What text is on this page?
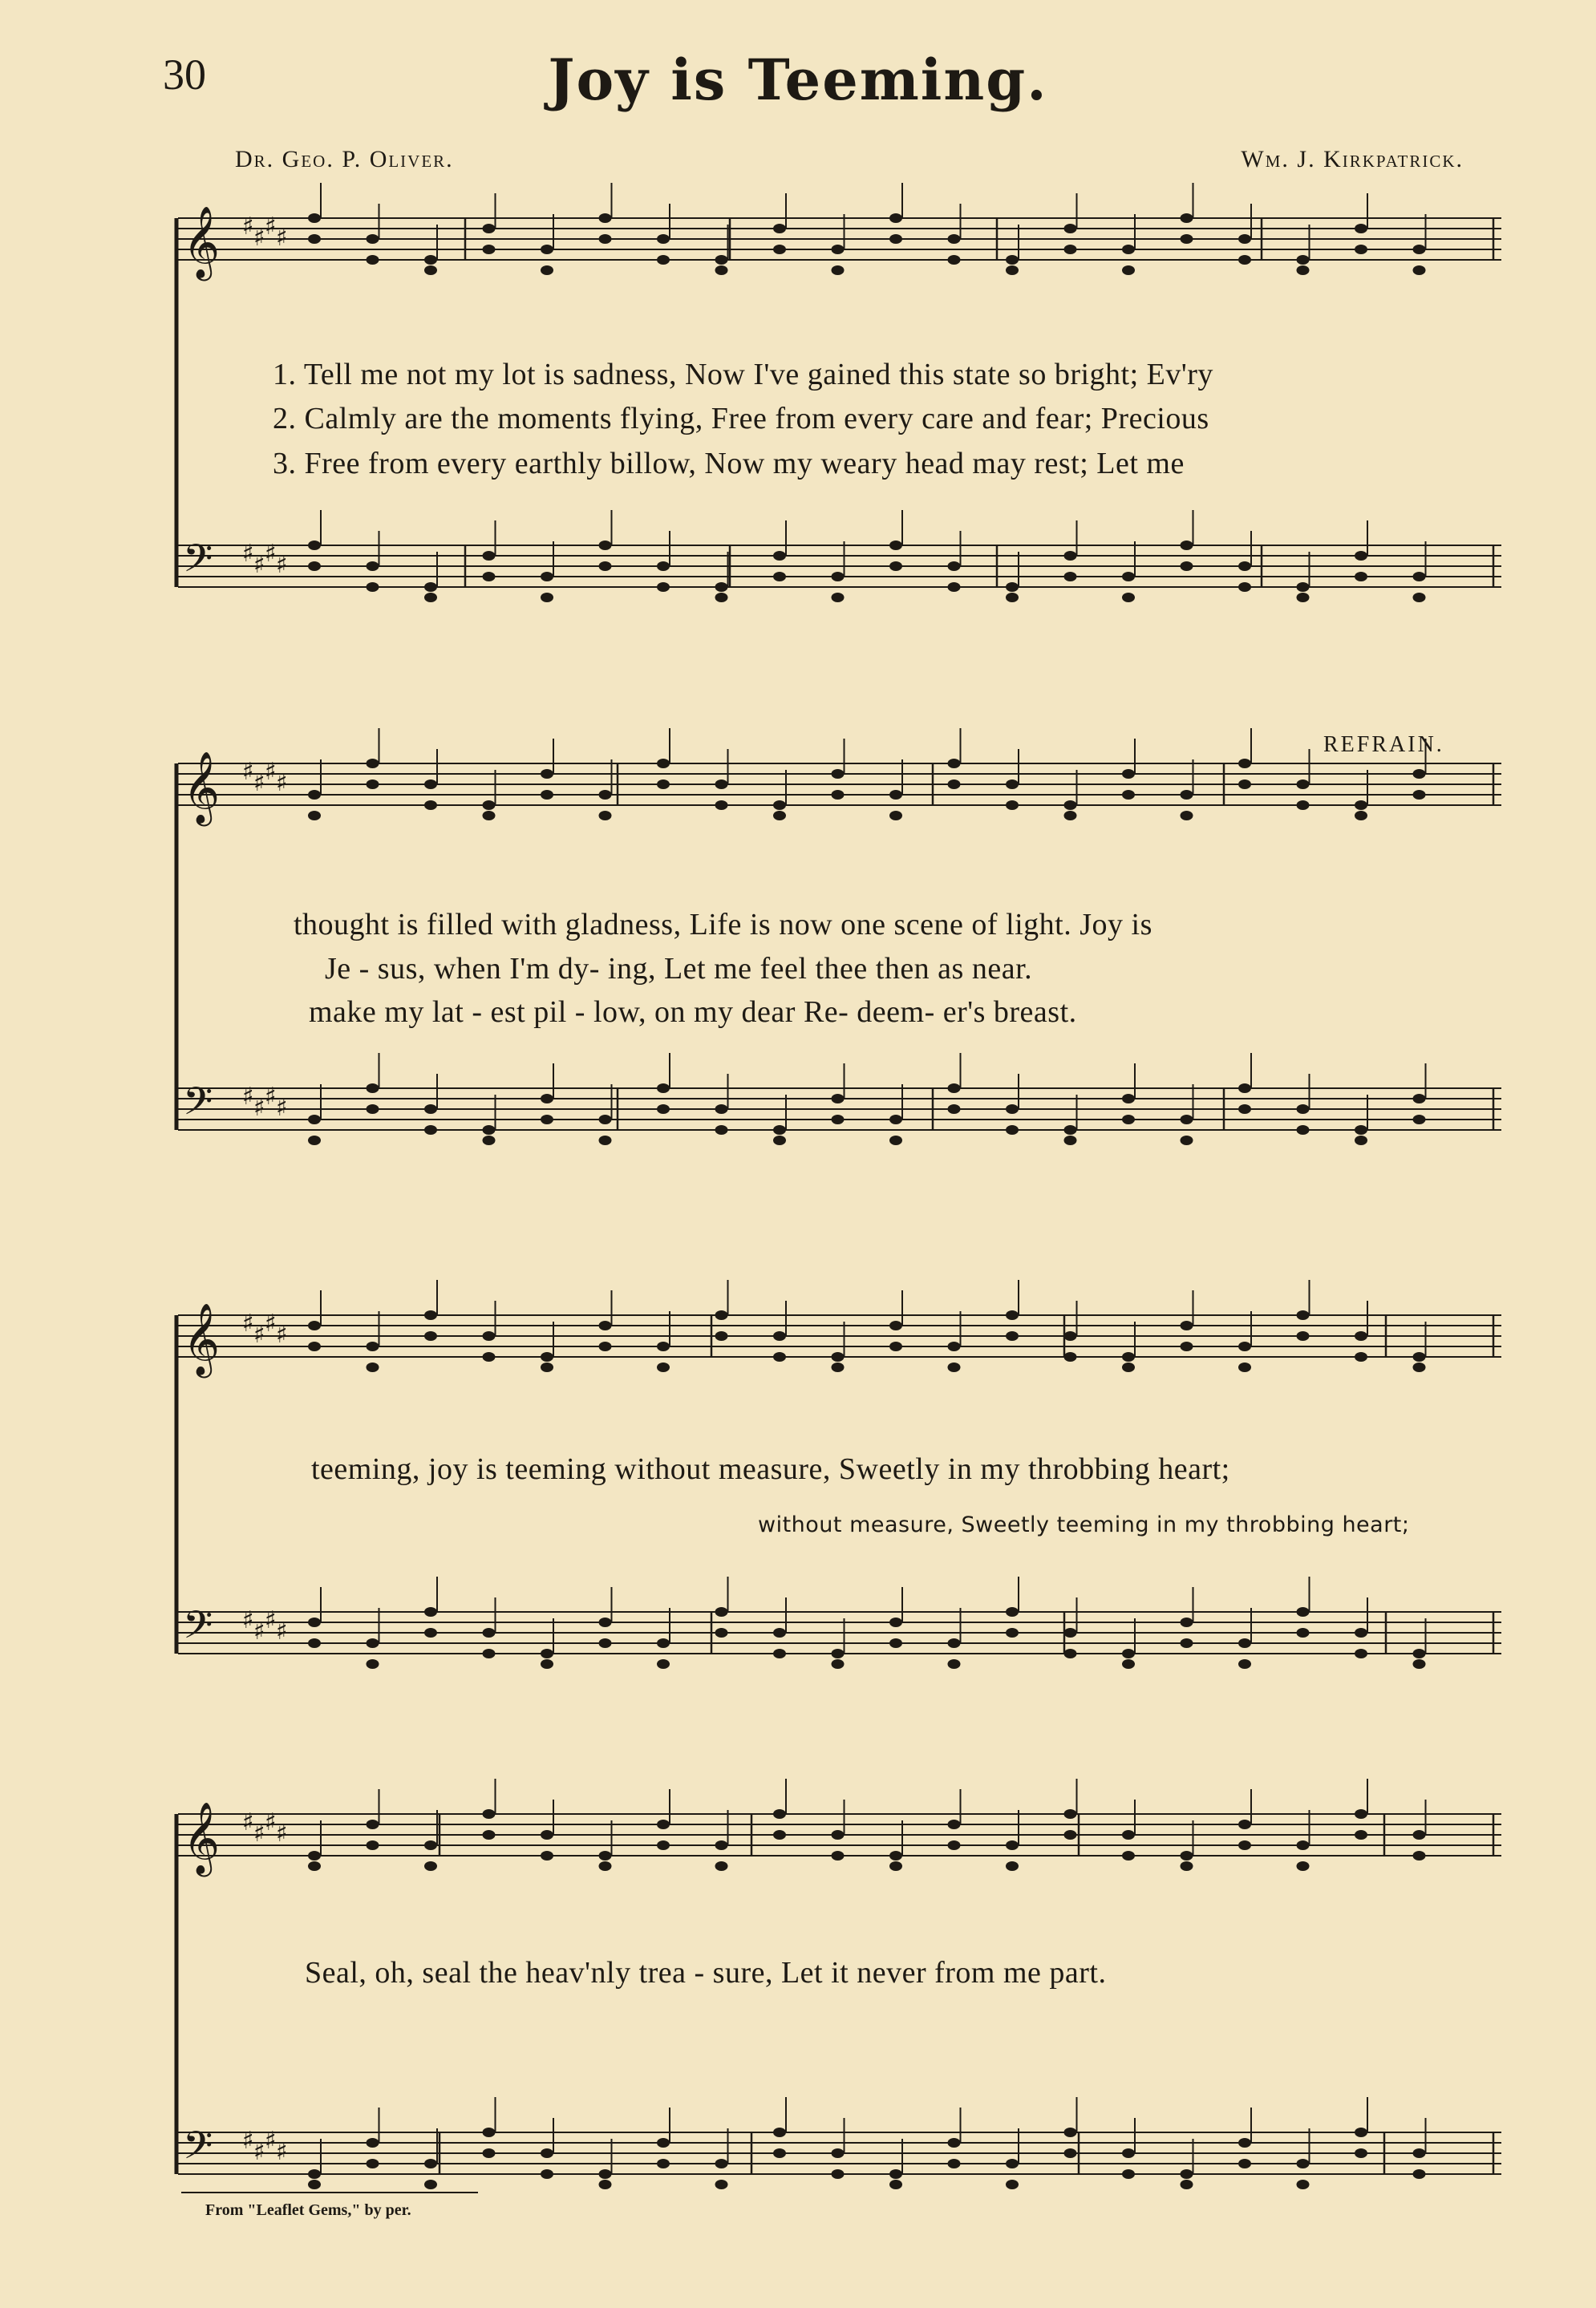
30	Joy is Teeming.
Dr. Geo. P. Oliver.	Wm. J. Kirkpatrick.
REFRAIN.
1. Tell me not my lot is sadness, Now I've gained this state so bright; Ev'ry
2. Calmly are the moments flying, Free from every care and fear; Precious
3. Free from every earthly billow, Now my weary head may rest; Let me
thought is filled with gladness, Life is now one scene of light. Joy is
Je - sus, when I'm dy- ing, Let me feel thee then as near.
make my lat - est pil - low, on my dear Re- deem- er's breast.
teeming, joy is teeming without measure, Sweetly in my throbbing heart;
without measure, Sweetly teeming in my throbbing heart;
Seal, oh, seal the heav'nly trea - sure, Let it never from me part.
From "Leaflet Gems," by per.
𝄞 ♯ ♯ ♯ ♯
𝄢 ♯ ♯ ♯ ♯
𝄞 ♯ ♯ ♯ ♯
𝄢 ♯ ♯ ♯ ♯
𝄞 ♯ ♯ ♯ ♯
𝄢 ♯ ♯ ♯ ♯
𝄞 ♯ ♯ ♯ ♯
𝄢 ♯ ♯ ♯ ♯
